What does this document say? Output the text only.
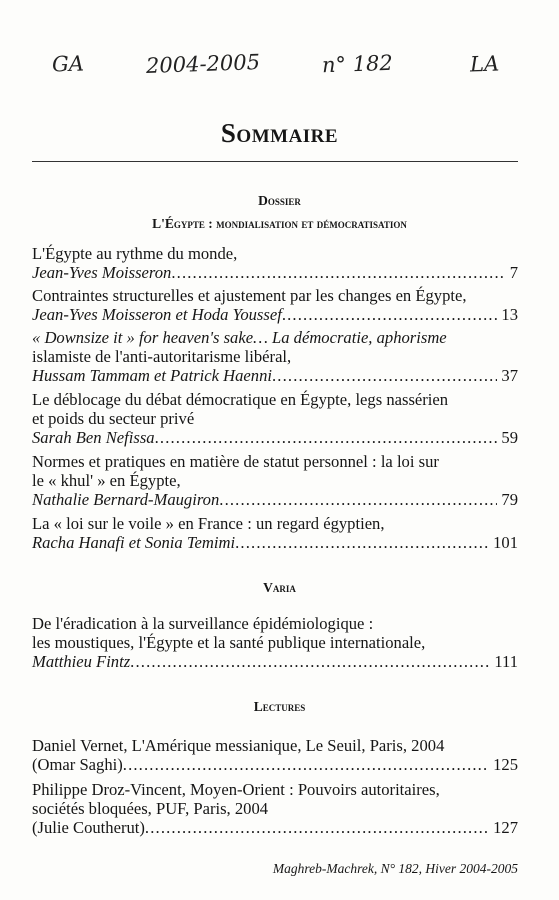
GA	2004-2005	n° 182	LA
Sommaire
Dossier
L'Égypte : mondialisation et démocratisation
L'Égypte au rythme du monde,
Jean-Yves Moisseron . . .	7
Contraintes structurelles et ajustement par les changes en Égypte,
Jean-Yves Moisseron et Hoda Youssef . . .	13
« Downsize it » for heaven's sake… La démocratie, aphorisme
islamiste de l'anti-autoritarisme libéral,
Hussam Tammam et Patrick Haenni . . .	37
Le déblocage du débat démocratique en Égypte, legs nassérien
et poids du secteur privé
Sarah Ben Nefissa . . .	59
Normes et pratiques en matière de statut personnel : la loi sur
le « khul' » en Égypte,
Nathalie Bernard-Maugiron . . .	79
La « loi sur le voile » en France : un regard égyptien,
Racha Hanafi et Sonia Temimi . . .	101
Varia
De l'éradication à la surveillance épidémiologique :
les moustiques, l'Égypte et la santé publique internationale,
Matthieu Fintz . . .	111
Lectures
Daniel Vernet, L'Amérique messianique, Le Seuil, Paris, 2004
(Omar Saghi) . . .	125
Philippe Droz-Vincent, Moyen-Orient : Pouvoirs autoritaires,
sociétés bloquées, PUF, Paris, 2004
(Julie Coutherut) . . .	127
Maghreb-Machrek, N° 182, Hiver 2004-2005
